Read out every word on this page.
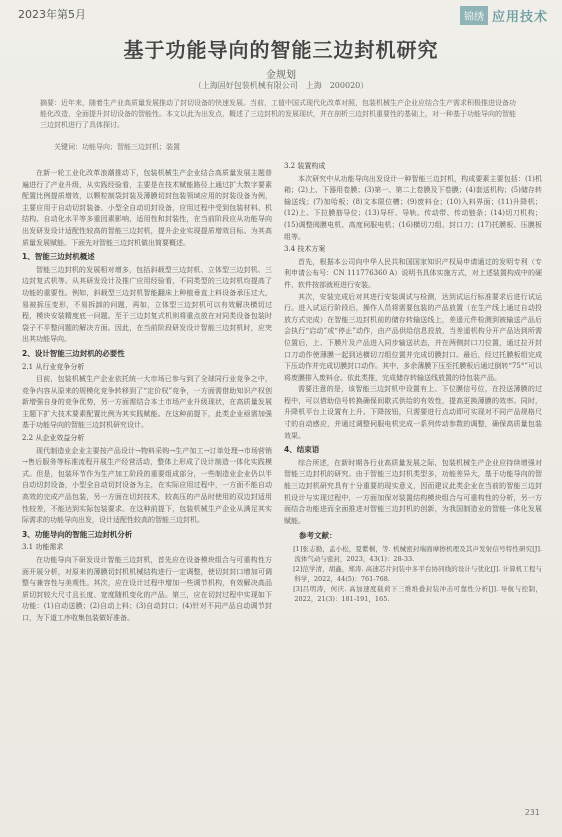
2023年第5月	锦绣 应用技术
基于功能导向的智能三边封机研究
金规划
（上海固好包装机械有限公司　上海　200020）
摘要：近年来，随着生产业高质量发展推动了封切设备的快速发展。当前，工值中国式现代化改革对照，包装机械生产企业应结合生产需求积极推进设备功能化改造，全面提升封切设备的智能性。本文以此为出发点，概述了三边封机的发展现状，并在剖析三边封机重要性的基础上，对一种基于功能导向的智能三边封机进行了具体探讨。
关键词：功能导向；智能三边封机；装置

在新一轮工业化改革浪潮推动下，包装机械生产企业结合高质量发展主题普遍进行了产业升级，从实践经验看，主要是在技术赋能路径上通过扩大数字要素配置比例提质增效，以颗粒制袋封装及薄膜切封包装领域应用的封装设备为例，主要应用于自动切封装备、小型全自动切封设备，应用过程中受到包装材料、机结构、自动化水平等多重因素影响，适用性和封装性，在当前阶段应从功能导向出发研发设计适配性较高的智能三边封机，提升企业实现提质增效目标。为其高质量发展赋能。下面先对智能三边封机做出简要概述。

1、智能三边封机概述

智能三边封机的发展相对增多，包括斜载型三边封机、立体型三边封机、三边封复式机等。从其研发设计及推广应用经验看，不同类型的三边封机均提高了功能的重要性。例如，斜载型三边封机智能翻床上种植垂直上料设备承压过大，易被拆压变形，不易拆卸的问题，再如，立体型三边封机可以有效解决横切过程，模块安装精度底一问题。至于三边封复式机则将重点放在对同类设备包装时袋子不平整问题的解决方面。因此，在当前阶段研发设计智能三边封机时，应突出其功能导向。

2、设计智能三边封机的必要性
2.1 从行业竞争分析

目前，包装机械生产企业依托统一大市场已参与到了全球同行业竞争之中，竞争内容从原来的规模化竞争转移到了“定价权”竞争，一方面需借助知识产权创新增强自身的竞争优势，另一方面需结合本土市场产业升级现状，在高质量发展主题下扩大技术要素配置比例为其实践赋能。在这种前提下，此类企业亟需加强基于功能导向的智能三边封机研究设计。

2.2 从企业效益分析

现代制造业企业主要按产品设计→物料采购→生产加工→订单处理→市场营销→售后服务等标准流程开展生产经营活动，整体上形成了设计制造一体化实践模式。但是，包装环节作为生产加工阶段的重要组成部分，一些制造业企业仍以半自动切封设备，小型全自动切封设备为主，在实际应用过程中，一方面不能自动高效的完成产品包装，另一方面在切封技术，较高压的产品时使用的双边封适用性较差，不能达到实际包装要求。在这种前提下，包装机械生产企业从满足其实际需求的功能导向出发，设计适配性较高的智能三边封机。

3、功能导向的智能三边封机分析
3.1 功能需求

在功能导向下研发设计智能三边封机，首先应在设备模块组合与可重构性方面开展分析，对原来的薄膜切封机机械结构进行一定调整，使切封封口增加可调整与兼容性与美观性。其次，应在设计过程中增加一些调节机构，有效解决高品质切封较大尺寸且长度、宽度随机变化的产品。第三，应在切封过程中实现如下功能：(1)自动送膜；(2)自动上料；(3)自动封口；(4)针对不同产品自动调节封口，为下道工序收集包装做好准备。

3.2 装置构成

本次研究中从功能导向出发设计一种智能三边封机，构成要素主要包括：(1)机箱；(2)上、下器用卷膜；(3)第一、第二上卷膜及下卷膜；(4)套送机构；(5)储存转输送线；(7)加哈板；(8)文本限位槽；(9)废料仓；(10)入料界面；(11)升降机；(12)上、下拉膜筋导位；(13)导杆、导轨、传动带、传动链条；(14)切刀机构；(15)调整阀膜电机、高度伺服电机；(16)横切刀组、封口刀；(17)托膜板、压膜板组等。

3.4 技术方案

首先，根据本公司向中华人民共和国国家知识产权局申请通过的发明专利（专利申请公布号：CN 111776360 A）说明书具体实施方式，对上述装置构成中的硬件、软件按部就班进行安装。

其次，安装完成后对其进行安装调试与检测，达到试运行标准要求后进行试运行。进入试运行阶段后，操作人员将需要包装的产品放置（在生产线上通过自动投放方式完成）在智能三边封机前的储存转输送线上，差遥元件检测到被输送产品后会执行“启动”或“停止”动作，由产品供给信息投放，当差遥机构分开产品达到所需位置后，上、下膜片及产品进入同步输送状态，并在两侧封口刀位置，通过拉开封口刀动作使薄膜一起到达横切刀组位置并完成切膜封口。最后，经过托膜板组完成下压动作并完成切膜封口动作。其中，多余薄膜下压至托膜板后通过倒转“75°”可以将废膜排入废料仓。依此类推，完成储存转输送线放置的待包装产品。

需要注意的是，该智能三边封机中设置有上、下位膜信号位，在投送薄膜的过程中，可以借助信号转换确保间歇式供给的有效性，提高更换薄膜的效率。同时，升降机平台上设置有上升、下降按钮，只需要进行点动即可实现对不同产品规格尺寸的自动感应，并通过调整伺服电机完成一系列传动参数的调整，确保高质量包装效果。

4、结束语

综合所述，在新时期各行业高质量发展之际，包装机械生产企业应持续增强对智能三边封机的研究。由于智能三边封机类型多，功能差异大，基于功能导向的智能三边封机研究具有十分重要的现实意义，因而建议此类企业在当前的智能三边封机设计与实现过程中，一方面加保对装置结构模块组合与可重构性的分析，另一方面结合功能进而全面推进对智能三边封机的创新，为我国制造业的智能一体化发展赋能。

参考文献：
[1]张志勤，孟小松，夏紫桐，等. 机械密封端面摩擦机理及其声发射信号特性研究[J]. 流体气动与密封，2023，43(1)：28-33.
[2]范学清，胡鑫，郑涛. 高速芯片封装中多平台协同线的设计与优化[J]. 计算机工程与科学，2022，44(5)：761-768.
[3]吕明涛，何庆. 高加速度载荷下三维堆叠封装冲击可靠性分析[J]. 导航与控制，2022，21(3)：181-191，165.
231
